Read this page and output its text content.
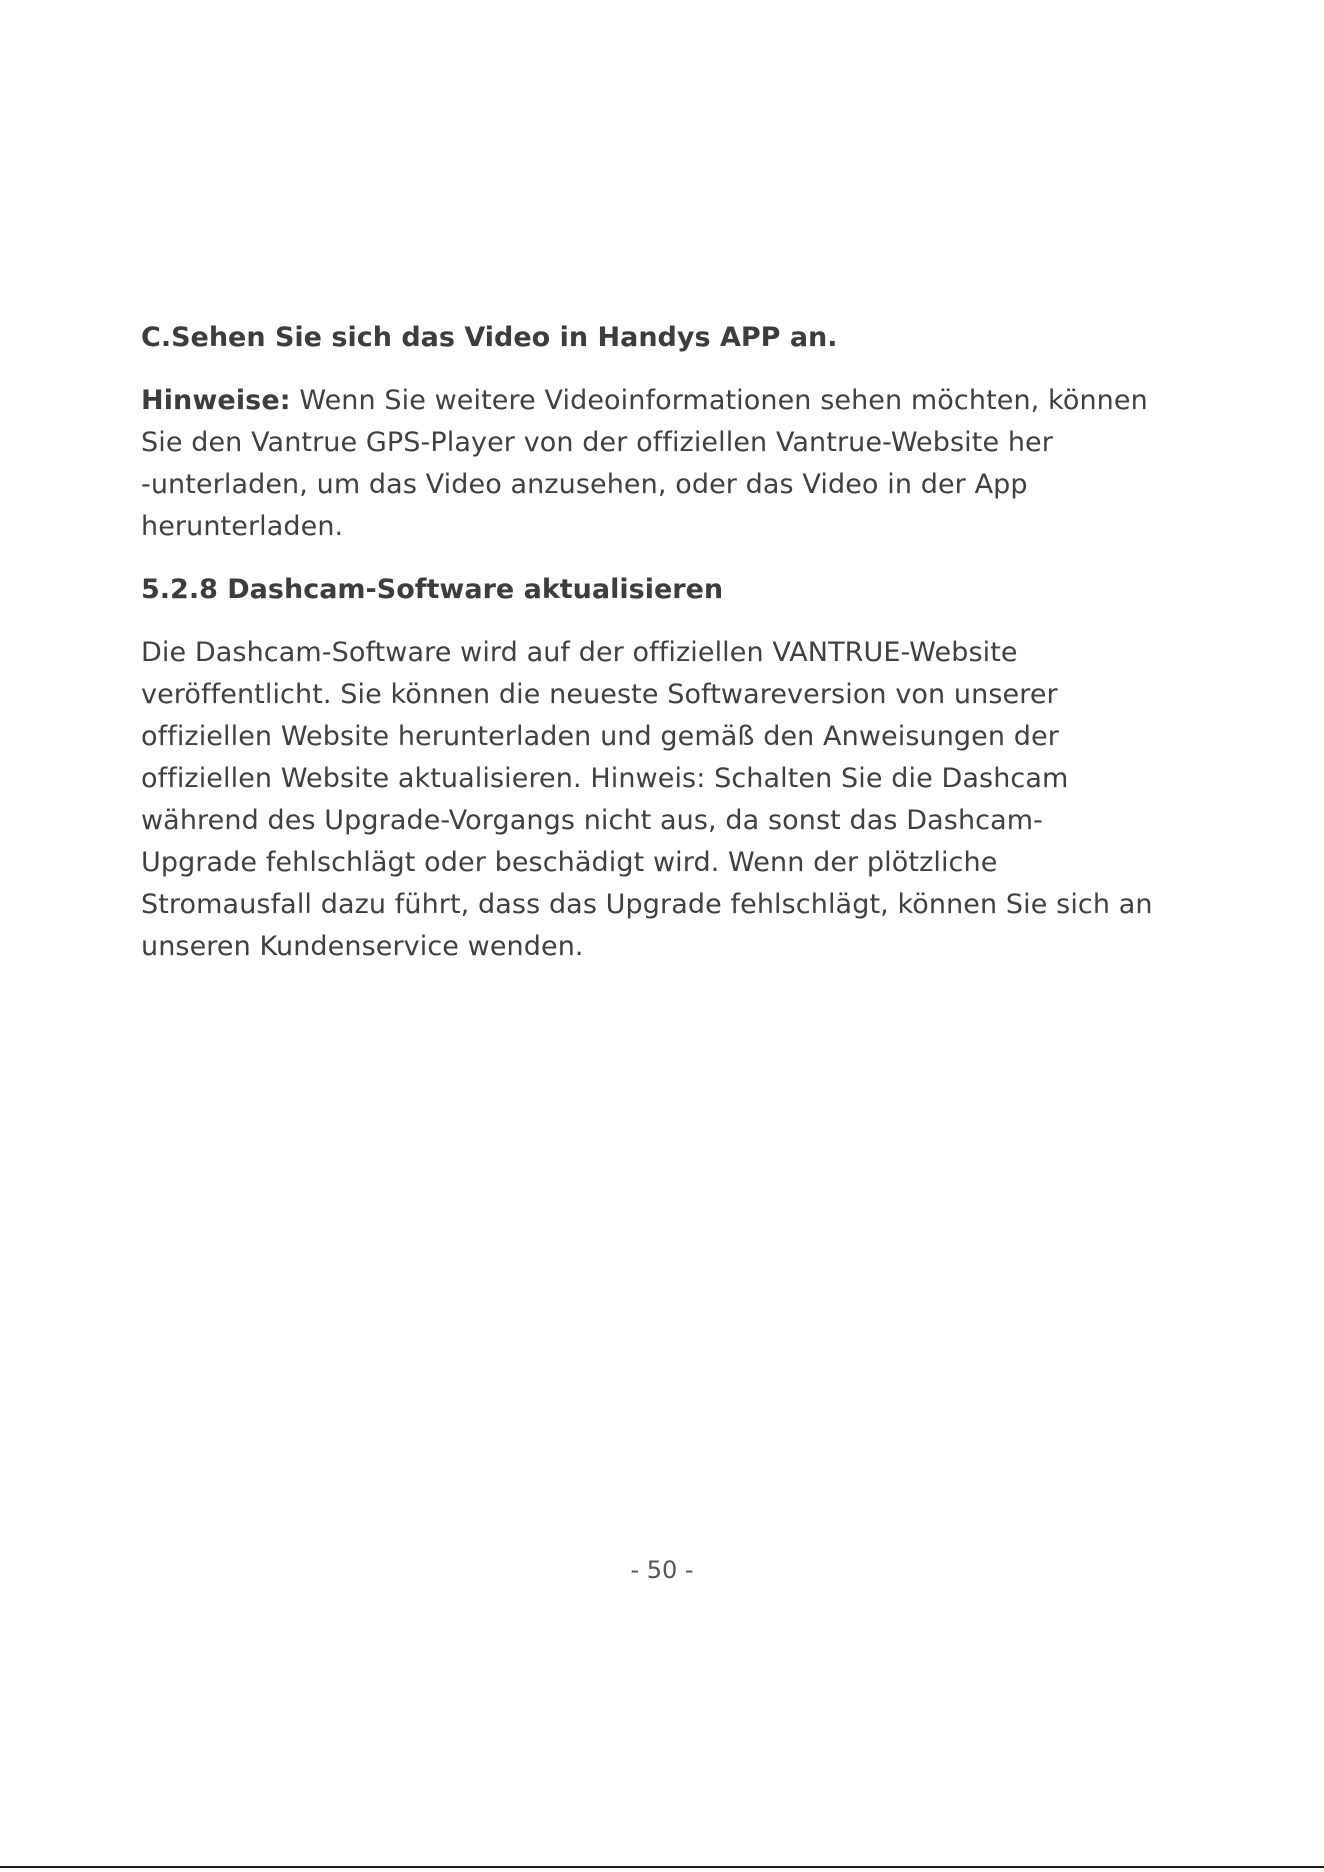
C.Sehen Sie sich das Video in Handys APP an.

Hinweise: Wenn Sie weitere Videoinformationen sehen möchten, können
Sie den Vantrue GPS-Player von der offiziellen Vantrue-Website her
-unterladen, um das Video anzusehen, oder das Video in der App
herunterladen.

5.2.8 Dashcam-Software aktualisieren

Die Dashcam-Software wird auf der offiziellen VANTRUE-Website
veröffentlicht. Sie können die neueste Softwareversion von unserer
offiziellen Website herunterladen und gemäß den Anweisungen der
offiziellen Website aktualisieren. Hinweis: Schalten Sie die Dashcam
während des Upgrade-Vorgangs nicht aus, da sonst das Dashcam-
Upgrade fehlschlägt oder beschädigt wird. Wenn der plötzliche
Stromausfall dazu führt, dass das Upgrade fehlschlägt, können Sie sich an
unseren Kundenservice wenden.

- 50 -
